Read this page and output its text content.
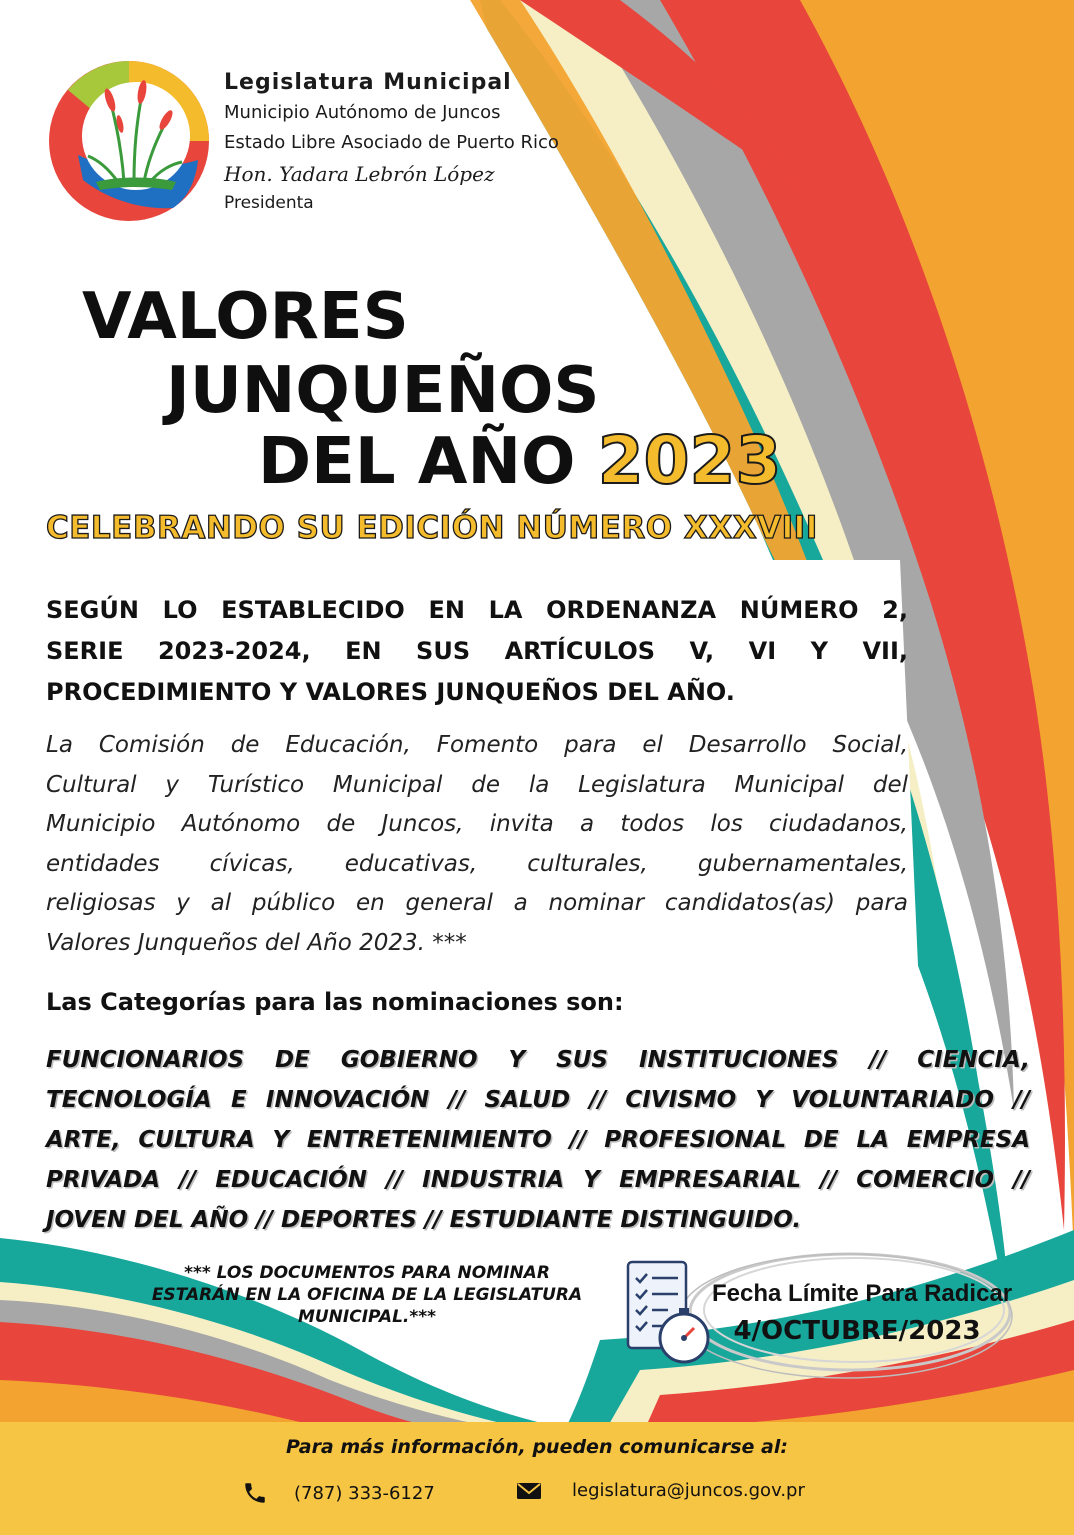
Legislatura Municipal
Municipio Autónomo de Juncos
Estado Libre Asociado de Puerto Rico
Hon. Yadara Lebrón López
Presidenta
VALORES
JUNQUEÑOS
DEL AÑO 2023
CELEBRANDO SU EDICIÓN NÚMERO XXXVIII
SEGÚN LO ESTABLECIDO EN LA ORDENANZA NÚMERO 2,
SERIE 2023-2024, EN SUS ARTÍCULOS V, VI Y VII,
PROCEDIMIENTO Y VALORES JUNQUEÑOS DEL AÑO.
La Comisión de Educación, Fomento para el Desarrollo Social,
Cultural y Turístico Municipal de la Legislatura Municipal del
Municipio Autónomo de Juncos, invita a todos los ciudadanos,
entidades cívicas, educativas, culturales, gubernamentales,
religiosas y al público en general a nominar candidatos(as) para
Valores Junqueños del Año 2023. ***
Las Categorías para las nominaciones son:
FUNCIONARIOS DE GOBIERNO Y SUS INSTITUCIONES // CIENCIA,
TECNOLOGÍA E INNOVACIÓN // SALUD // CIVISMO Y VOLUNTARIADO //
ARTE, CULTURA Y ENTRETENIMIENTO // PROFESIONAL DE LA EMPRESA
PRIVADA // EDUCACIÓN // INDUSTRIA Y EMPRESARIAL // COMERCIO //
JOVEN DEL AÑO // DEPORTES // ESTUDIANTE DISTINGUIDO.
*** LOS DOCUMENTOS PARA NOMINAR
ESTARÁN EN LA OFICINA DE LA LEGISLATURA
MUNICIPAL.***
Fecha Límite Para Radicar
4/OCTUBRE/2023
Para más información, pueden comunicarse al:
(787) 333-6127	legislatura@juncos.gov.pr
